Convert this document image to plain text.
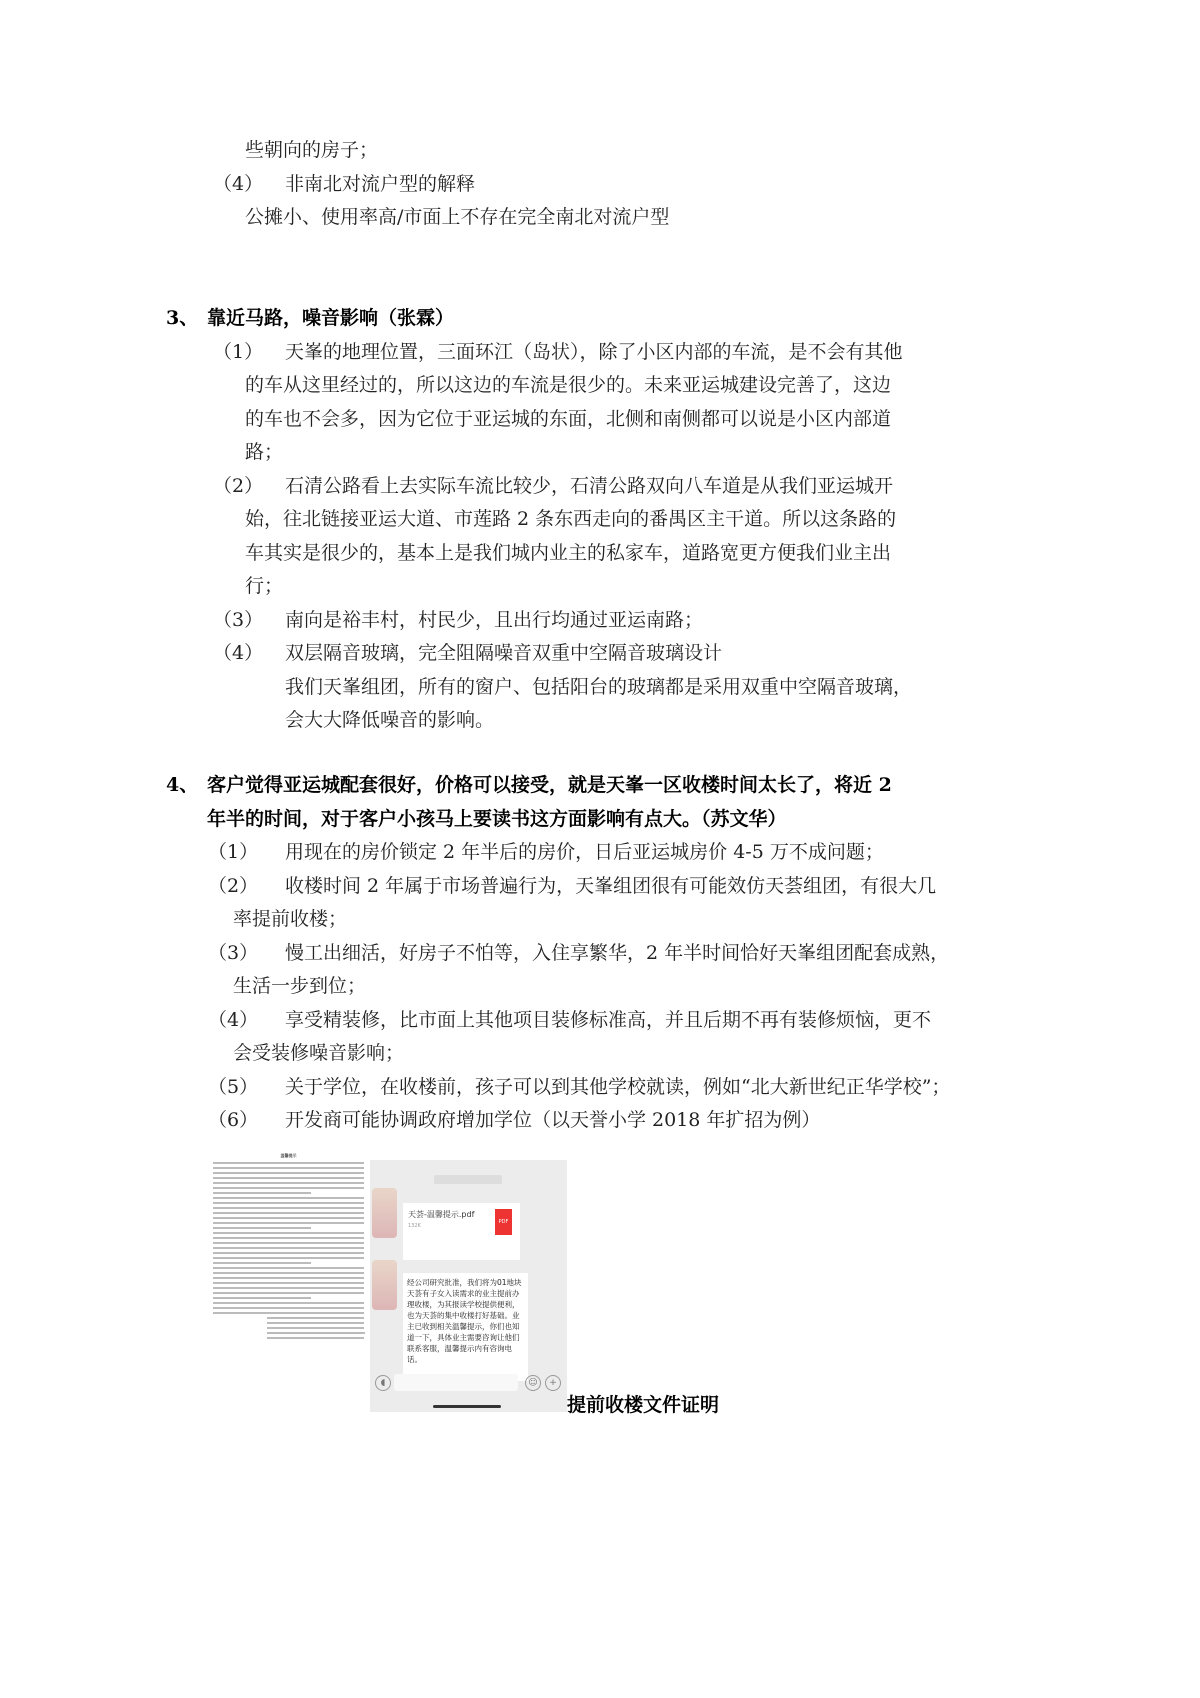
些朝向的房子；
（4） 非南北对流户型的解释
公摊小、使用率高/市面上不存在完全南北对流户型
3、 靠近马路，噪音影响（张霖）
（1） 天峯的地理位置，三面环江（岛状），除了小区内部的车流，是不会有其他
的车从这里经过的，所以这边的车流是很少的。未来亚运城建设完善了，这边
的车也不会多，因为它位于亚运城的东面，北侧和南侧都可以说是小区内部道
路；
（2） 石清公路看上去实际车流比较少，石清公路双向八车道是从我们亚运城开
始，往北链接亚运大道、市莲路 2 条东西走向的番禺区主干道。所以这条路的
车其实是很少的，基本上是我们城内业主的私家车，道路宽更方便我们业主出
行；
（3） 南向是裕丰村，村民少，且出行均通过亚运南路；
（4） 双层隔音玻璃，完全阻隔噪音双重中空隔音玻璃设计
我们天峯组团，所有的窗户、包括阳台的玻璃都是采用双重中空隔音玻璃，
会大大降低噪音的影响。
4、 客户觉得亚运城配套很好，价格可以接受，就是天峯一区收楼时间太长了，将近 2
年半的时间，对于客户小孩马上要读书这方面影响有点大。（苏文华）
（1） 用现在的房价锁定 2 年半后的房价，日后亚运城房价 4-5 万不成问题；
（2） 收楼时间 2 年属于市场普遍行为，天峯组团很有可能效仿天荟组团，有很大几
率提前收楼；
（3） 慢工出细活，好房子不怕等，入住享繁华，2 年半时间恰好天峯组团配套成熟，
生活一步到位；
（4） 享受精装修，比市面上其他项目装修标准高，并且后期不再有装修烦恼，更不
会受装修噪音影响；
（5） 关于学位，在收楼前，孩子可以到其他学校就读，例如“北大新世纪正华学校”；
（6） 开发商可能协调政府增加学位（以天誉小学 2018 年扩招为例）
温馨提示
天荟-温馨提示.pdf
132K
PDF
经公司研究批准，我们将为01地块天荟有子女入读需求的业主提前办理收楼，为其报读学校提供便利，也为天荟的集中收楼打好基础。业主已收到相关温馨提示，你们也知道一下，具体业主需要咨询让他们联系客服，温馨提示内有咨询电话。
◖	☺	+
提前收楼文件证明
